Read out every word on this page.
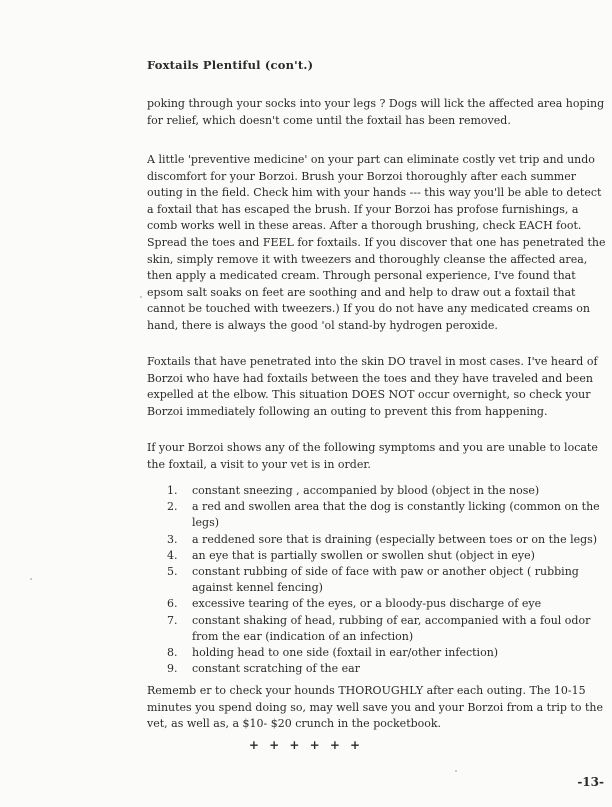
Foxtails Plentiful (con't.)

poking through your socks into your legs ? Dogs will lick the affected area hoping for relief, which doesn't come until the foxtail has been removed.

A little 'preventive medicine' on your part can eliminate costly vet trip and undo discomfort for your Borzoi. Brush your Borzoi thoroughly after each summer outing in the field. Check him with your hands --- this way you'll be able to detect a foxtail that has escaped the brush. If your Borzoi has profose furnishings, a comb works well in these areas. After a thorough brushing, check EACH foot. Spread the toes and FEEL for foxtails. If you discover that one has penetrated the skin, simply remove it with tweezers and thoroughly cleanse the affected area, then apply a medicated cream. Through personal experience, I've found that epsom salt soaks on feet are soothing and and help to draw out a foxtail that cannot be touched with tweezers.) If you do not have any medicated creams on hand, there is always the good 'ol stand-by hydrogen peroxide.

Foxtails that have penetrated into the skin DO travel in most cases. I've heard of Borzoi who have had foxtails between the toes and they have traveled and been expelled at the elbow. This situation DOES NOT occur overnight, so check your Borzoi immediately following an outing to prevent this from happening.

If your Borzoi shows any of the following symptoms and you are unable to locate the foxtail, a visit to your vet is in order.

1.	constant sneezing , accompanied by blood (object in the nose)
2.	a red and swollen area that the dog is constantly licking (common on the legs)
3.	a reddened sore that is draining (especially between toes or on the legs)
4.	an eye that is partially swollen or swollen shut (object in eye)
5.	constant rubbing of side of face with paw or another object ( rubbing against kennel fencing)
6.	excessive tearing of the eyes, or a bloody-pus discharge of eye
7.	constant shaking of head, rubbing of ear, accompanied with a foul odor from the ear (indication of an infection)
8.	holding head to one side (foxtail in ear/other infection)
9.	constant scratching of the ear

Rememb er to check your hounds THOROUGHLY after each outing. The 10-15 minutes you spend doing so, may well save you and your Borzoi from a trip to the vet, as well as, a $10- $20 crunch in the pocketbook.

+ + + + + +
-13-
